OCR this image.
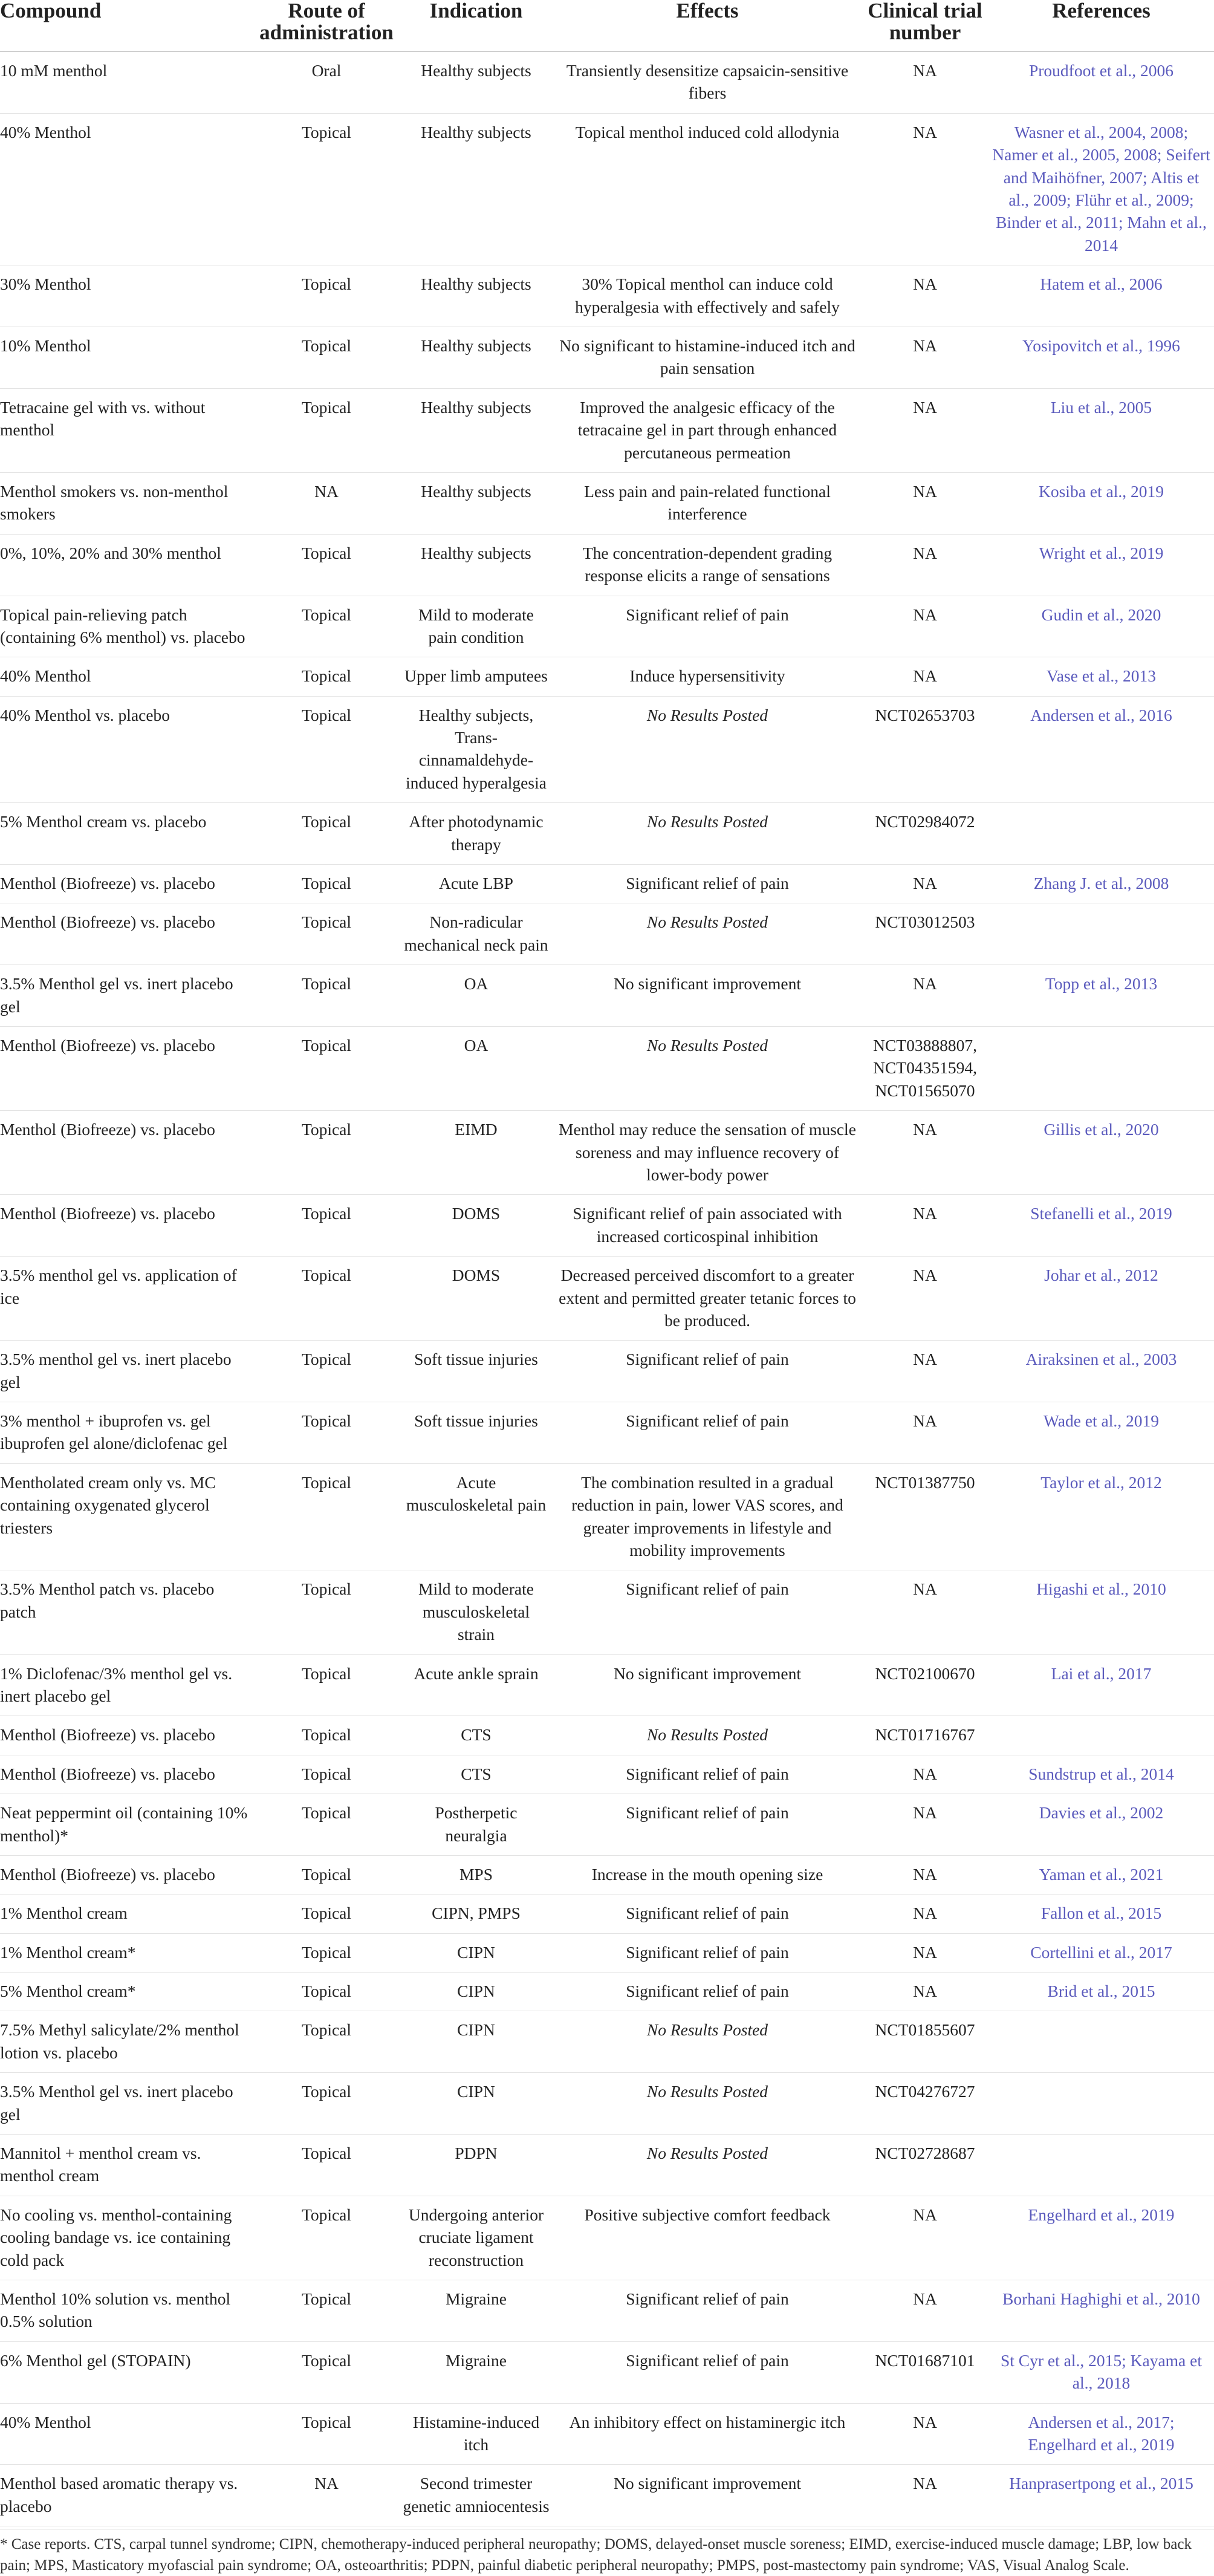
Compound	Route of administration	Indication	Effects	Clinical trial number	References
10 mM menthol	Oral	Healthy subjects	Transiently desensitize capsaicin-sensitive fibers	NA	Proudfoot et al., 2006
40% Menthol	Topical	Healthy subjects	Topical menthol induced cold allodynia	NA	Wasner et al., 2004, 2008; Namer et al., 2005, 2008; Seifert and Maihöfner, 2007; Altis et al., 2009; Flühr et al., 2009; Binder et al., 2011; Mahn et al., 2014
30% Menthol	Topical	Healthy subjects	30% Topical menthol can induce cold hyperalgesia with effectively and safely	NA	Hatem et al., 2006
10% Menthol	Topical	Healthy subjects	No significant to histamine-induced itch and pain sensation	NA	Yosipovitch et al., 1996
Tetracaine gel with vs. without menthol	Topical	Healthy subjects	Improved the analgesic efficacy of the tetracaine gel in part through enhanced percutaneous permeation	NA	Liu et al., 2005
Menthol smokers vs. non-menthol smokers	NA	Healthy subjects	Less pain and pain-related functional interference	NA	Kosiba et al., 2019
0%, 10%, 20% and 30% menthol	Topical	Healthy subjects	The concentration-dependent grading response elicits a range of sensations	NA	Wright et al., 2019
Topical pain-relieving patch (containing 6% menthol) vs. placebo	Topical	Mild to moderate pain condition	Significant relief of pain	NA	Gudin et al., 2020
40% Menthol	Topical	Upper limb amputees	Induce hypersensitivity	NA	Vase et al., 2013
40% Menthol vs. placebo	Topical	Healthy subjects, Trans-cinnamaldehyde-induced hyperalgesia	No Results Posted	NCT02653703	Andersen et al., 2016
5% Menthol cream vs. placebo	Topical	After photodynamic therapy	No Results Posted	NCT02984072	
Menthol (Biofreeze) vs. placebo	Topical	Acute LBP	Significant relief of pain	NA	Zhang J. et al., 2008
Menthol (Biofreeze) vs. placebo	Topical	Non-radicular mechanical neck pain	No Results Posted	NCT03012503	
3.5% Menthol gel vs. inert placebo gel	Topical	OA	No significant improvement	NA	Topp et al., 2013
Menthol (Biofreeze) vs. placebo	Topical	OA	No Results Posted	NCT03888807, NCT04351594, NCT01565070	
Menthol (Biofreeze) vs. placebo	Topical	EIMD	Menthol may reduce the sensation of muscle soreness and may influence recovery of lower-body power	NA	Gillis et al., 2020
Menthol (Biofreeze) vs. placebo	Topical	DOMS	Significant relief of pain associated with increased corticospinal inhibition	NA	Stefanelli et al., 2019
3.5% menthol gel vs. application of ice	Topical	DOMS	Decreased perceived discomfort to a greater extent and permitted greater tetanic forces to be produced.	NA	Johar et al., 2012
3.5% menthol gel vs. inert placebo gel	Topical	Soft tissue injuries	Significant relief of pain	NA	Airaksinen et al., 2003
3% menthol + ibuprofen vs. gel ibuprofen gel alone/diclofenac gel	Topical	Soft tissue injuries	Significant relief of pain	NA	Wade et al., 2019
Mentholated cream only vs. MC containing oxygenated glycerol triesters	Topical	Acute musculoskeletal pain	The combination resulted in a gradual reduction in pain, lower VAS scores, and greater improvements in lifestyle and mobility improvements	NCT01387750	Taylor et al., 2012
3.5% Menthol patch vs. placebo patch	Topical	Mild to moderate musculoskeletal strain	Significant relief of pain	NA	Higashi et al., 2010
1% Diclofenac/3% menthol gel vs. inert placebo gel	Topical	Acute ankle sprain	No significant improvement	NCT02100670	Lai et al., 2017
Menthol (Biofreeze) vs. placebo	Topical	CTS	No Results Posted	NCT01716767	
Menthol (Biofreeze) vs. placebo	Topical	CTS	Significant relief of pain	NA	Sundstrup et al., 2014
Neat peppermint oil (containing 10% menthol)*	Topical	Postherpetic neuralgia	Significant relief of pain	NA	Davies et al., 2002
Menthol (Biofreeze) vs. placebo	Topical	MPS	Increase in the mouth opening size	NA	Yaman et al., 2021
1% Menthol cream	Topical	CIPN, PMPS	Significant relief of pain	NA	Fallon et al., 2015
1% Menthol cream*	Topical	CIPN	Significant relief of pain	NA	Cortellini et al., 2017
5% Menthol cream*	Topical	CIPN	Significant relief of pain	NA	Brid et al., 2015
7.5% Methyl salicylate/2% menthol lotion vs. placebo	Topical	CIPN	No Results Posted	NCT01855607	
3.5% Menthol gel vs. inert placebo gel	Topical	CIPN	No Results Posted	NCT04276727	
Mannitol + menthol cream vs. menthol cream	Topical	PDPN	No Results Posted	NCT02728687	
No cooling vs. menthol-containing cooling bandage vs. ice containing cold pack	Topical	Undergoing anterior cruciate ligament reconstruction	Positive subjective comfort feedback	NA	Engelhard et al., 2019
Menthol 10% solution vs. menthol 0.5% solution	Topical	Migraine	Significant relief of pain	NA	Borhani Haghighi et al., 2010
6% Menthol gel (STOPAIN)	Topical	Migraine	Significant relief of pain	NCT01687101	St Cyr et al., 2015; Kayama et al., 2018
40% Menthol	Topical	Histamine-induced itch	An inhibitory effect on histaminergic itch	NA	Andersen et al., 2017; Engelhard et al., 2019
Menthol based aromatic therapy vs. placebo	NA	Second trimester genetic amniocentesis	No significant improvement	NA	Hanprasertpong et al., 2015
* Case reports. CTS, carpal tunnel syndrome; CIPN, chemotherapy-induced peripheral neuropathy; DOMS, delayed-onset muscle soreness; EIMD, exercise-induced muscle damage; LBP, low back pain; MPS, Masticatory myofascial pain syndrome; OA, osteoarthritis; PDPN, painful diabetic peripheral neuropathy; PMPS, post-mastectomy pain syndrome; VAS, Visual Analog Scale.
